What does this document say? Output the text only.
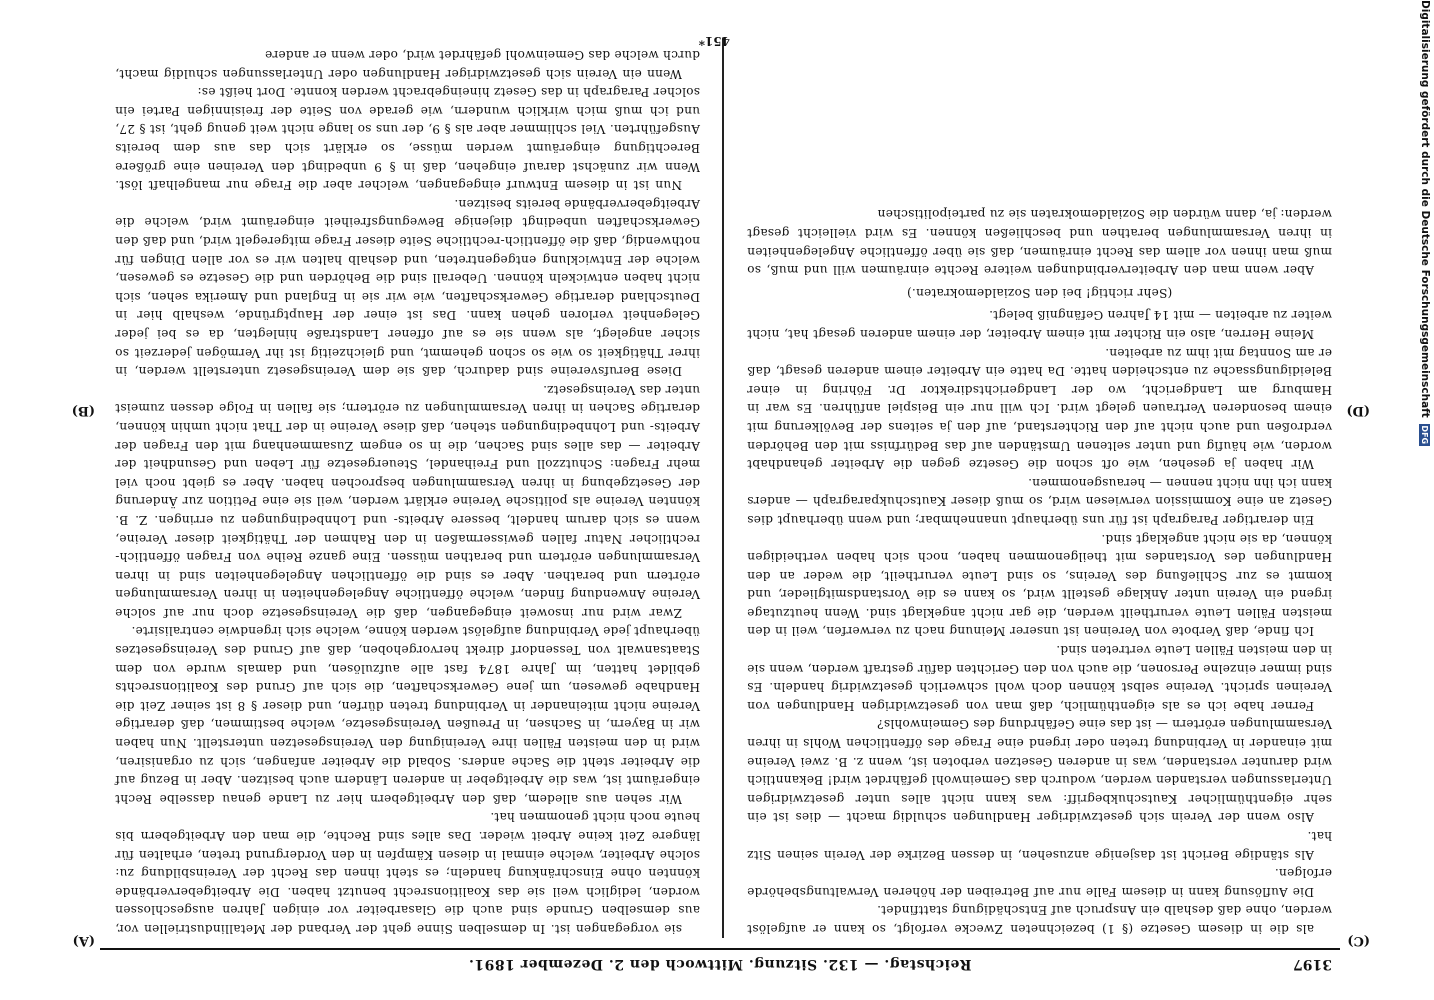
3197
Reichstag. — 132. Sitzung. Mittwoch den 2. Dezember 1891.
(C)
(D)
(A)
(B)

als die in diesem Gesetze (§ 1) bezeichneten Zwecke verfolgt, so kann er aufgelöst werden, ohne daß deshalb ein Anspruch auf Entschädigung stattfindet.

Die Auflösung kann in diesem Falle nur auf Betreiben der höheren Verwaltungsbehörde erfolgen.

Als ständige Bericht ist dasjenige anzusehen, in dessen Bezirke der Verein seinen Sitz hat.

Also wenn der Verein sich gesetzwidriger Handlungen schuldig macht — dies ist ein sehr eigenthümlicher Kautschukbegriff: was kann nicht alles unter gesetzwidrigen Unterlassungen verstanden werden, wodurch das Gemeinwohl gefährdet wird! Bekanntlich wird darunter verstanden, was in anderen Gesetzen verboten ist, wenn z. B. zwei Vereine mit einander in Verbindung treten oder irgend eine Frage des öffentlichen Wohls in ihren Versammlungen erörtern — ist das eine Gefährdung des Gemeinwohls?

Ferner habe ich es als eigenthümlich, daß man von gesetzwidrigen Handlungen von Vereinen spricht. Vereine selbst können doch wohl schwerlich gesetzwidrig handeln. Es sind immer einzelne Personen, die auch von den Gerichten dafür gestraft werden, wenn sie in den meisten Fällen Leute vertreten sind.

Ich finde, daß Verbote von Vereinen ist unserer Meinung nach zu verwerfen, weil in den meisten Fällen Leute verurtheilt werden, die gar nicht angeklagt sind. Wenn heutzutage irgend ein Verein unter Anklage gestellt wird, so kann es die Vorstandsmitglieder, und kommt es zur Schließung des Vereins, so sind Leute verurtheilt, die weder an den Handlungen des Vorstandes mit theilgenommen haben, noch sich haben vertheidigen können, da sie nicht angeklagt sind.

Ein derartiger Paragraph ist für uns überhaupt unannehmbar; und wenn überhaupt dies Gesetz an eine Kommission verwiesen wird, so muß dieser Kautschukparagraph — anders kann ich ihn nicht nennen — herausgenommen.

Wir haben ja gesehen, wie oft schon die Gesetze gegen die Arbeiter gehandhabt worden, wie häufig und unter seltenen Umständen auf das Bedürfniss mit den Behörden verdroßen und auch nicht auf den Richterstand, auf den ja seitens der Bevölkerung mit einem besonderen Vertrauen gelegt wird. Ich will nur ein Beispiel anführen. Es war in Hamburg am Landgericht, wo der Landgerichtsdirektor Dr. Föhring in einer Beleidigungssache zu entscheiden hatte. Da hatte ein Arbeiter einem anderen gesagt, daß er am Sonntag mit ihm zu arbeiten.

Meine Herren, also ein Richter mit einem Arbeiter, der einem anderen gesagt hat, nicht weiter zu arbeiten — mit 14 Jahren Gefängniß belegt.

(Sehr richtig! bei den Sozialdemokraten.)

Aber wenn man den Arbeiterverbindungen weitere Rechte einräumen will und muß, so muß man ihnen vor allem das Recht einräumen, daß sie über öffentliche Angelegenheiten in ihren Versammlungen berathen und beschließen können. Es wird vielleicht gesagt werden: ja, dann würden die Sozialdemokraten sie zu parteipolitischen

sie vorgegangen ist. In demselben Sinne geht der Verband der Metallindustriellen vor, aus demselben Grunde sind auch die Glasarbeiter vor einigen Jahren ausgeschlossen worden, lediglich weil sie das Koalitionsrecht benutzt haben. Die Arbeitgeberverbände könnten ohne Einschränkung handeln; es steht ihnen das Recht der Vereinsbildung zu: solche Arbeiter, welche einmal in diesen Kämpfen in den Vordergrund treten, erhalten für längere Zeit keine Arbeit wieder. Das alles sind Rechte, die man den Arbeitgebern bis heute noch nicht genommen hat.

Wir sehen aus alledem, daß den Arbeitgebern hier zu Lande genau dasselbe Recht eingeräumt ist, was die Arbeitgeber in anderen Ländern auch besitzen. Aber in Bezug auf die Arbeiter steht die Sache anders. Sobald die Arbeiter anfangen, sich zu organisiren, wird in den meisten Fällen ihre Vereinigung den Vereinsgesetzen unterstellt. Nun haben wir in Bayern, in Sachsen, in Preußen Vereinsgesetze, welche bestimmen, daß derartige Vereine nicht miteinander in Verbindung treten dürfen, und dieser § 8 ist seiner Zeit die Handhabe gewesen, um jene Gewerkschaften, die sich auf Grund des Koalitionsrechts gebildet hatten, im Jahre 1874 fast alle aufzulösen, und damals wurde von dem Staatsanwalt von Tessendorf direkt hervorgehoben, daß auf Grund des Vereinsgesetzes überhaupt jede Verbindung aufgelöst werden könne, welche sich irgendwie centralisirte.

Zwar wird nur insoweit eingegangen, daß die Vereinsgesetze doch nur auf solche Vereine Anwendung finden, welche öffentliche Angelegenheiten in ihren Versammlungen erörtern und berathen. Aber es sind die öffentlichen Angelegenheiten sind in ihren Versammlungen erörtern und berathen müssen. Eine ganze Reihe von Fragen öffentlich-rechtlicher Natur fallen gewissermaßen in den Rahmen der Thätigkeit dieser Vereine, wenn es sich darum handelt, bessere Arbeits- und Lohnbedingungen zu erringen. Z. B. könnten Vereine als politische Vereine erklärt werden, weil sie eine Petition zur Änderung der Gesetzgebung in ihren Versammlungen besprochen haben. Aber es giebt noch viel mehr Fragen: Schutzzoll und Freihandel, Steuergesetze für Leben und Gesundheit der Arbeiter — das alles sind Sachen, die in so engem Zusammenhang mit den Fragen der Arbeits- und Lohnbedingungen stehen, daß diese Vereine in der That nicht umhin können, derartige Sachen in ihren Versammlungen zu erörtern; sie fallen in Folge dessen zumeist unter das Vereinsgesetz.

Diese Berufsvereine sind dadurch, daß sie dem Vereinsgesetz unterstellt werden, in ihrer Thätigkeit so wie so schon gehemmt, und gleichzeitig ist ihr Vermögen jederzeit so sicher angelegt, als wenn sie es auf offener Landstraße hinlegten, da es bei jeder Gelegenheit verloren gehen kann. Das ist einer der Hauptgründe, weshalb hier in Deutschland derartige Gewerkschaften, wie wir sie in England und Amerika sehen, sich nicht haben entwickeln können. Ueberall sind die Behörden und die Gesetze es gewesen, welche der Entwicklung entgegentreten, und deshalb halten wir es vor allen Dingen für nothwendig, daß die öffentlich-rechtliche Seite dieser Frage mitgeregelt wird, und daß den Gewerkschaften unbedingt diejenige Bewegungsfreiheit eingeräumt wird, welche die Arbeitgeberverbände bereits besitzen.

Nun ist in diesem Entwurf eingegangen, welcher aber die Frage nur mangelhaft löst. Wenn wir zunächst darauf eingehen, daß in § 9 unbedingt den Vereinen eine größere Berechtigung eingeräumt werden müsse, so erklärt sich das aus dem bereits Ausgeführten. Viel schlimmer aber als § 9, der uns so lange nicht weit genug geht, ist § 27, und ich muß mich wirklich wundern, wie gerade von Seite der freisinnigen Partei ein solcher Paragraph in das Gesetz hineingebracht werden konnte. Dort heißt es:

Wenn ein Verein sich gesetzwidriger Handlungen oder Unterlassungen schuldig macht, durch welche das Gemeinwohl gefährdet wird, oder wenn er andere

451*	Digitalisierung gefördert durch die Deutsche Forschungsgemeinschaft
DFG
